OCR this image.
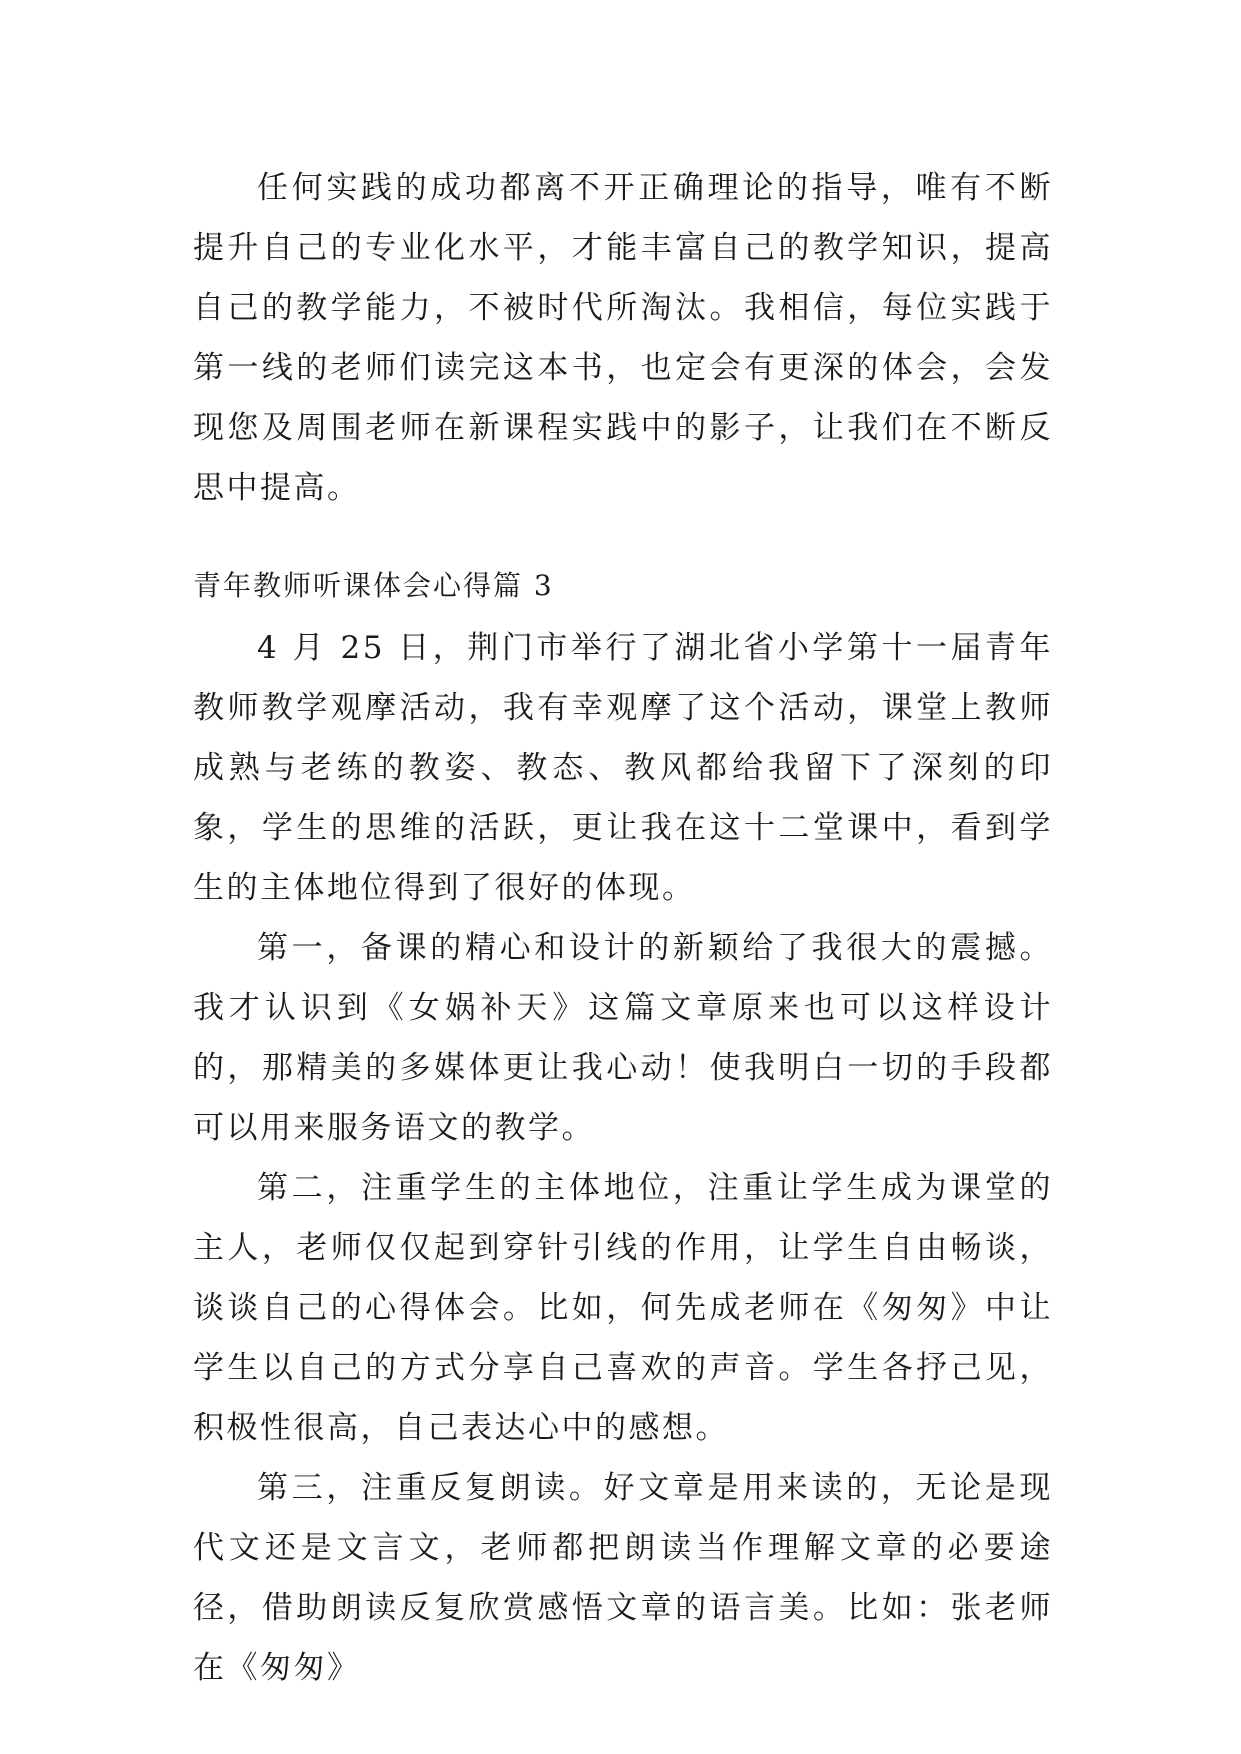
任何实践的成功都离不开正确理论的指导，唯有不断提升自己的专业化水平，才能丰富自己的教学知识，提高自己的教学能力，不被时代所淘汰。我相信，每位实践于第一线的老师们读完这本书，也定会有更深的体会，会发现您及周围老师在新课程实践中的影子，让我们在不断反思中提高。

青年教师听课体会心得篇 3

4 月 25 日，荆门市举行了湖北省小学第十一届青年教师教学观摩活动，我有幸观摩了这个活动，课堂上教师成熟与老练的教姿、教态、教风都给我留下了深刻的印象，学生的思维的活跃，更让我在这十二堂课中，看到学生的主体地位得到了很好的体现。

第一，备课的精心和设计的新颖给了我很大的震撼。我才认识到《女娲补天》这篇文章原来也可以这样设计的，那精美的多媒体更让我心动！使我明白一切的手段都可以用来服务语文的教学。

第二，注重学生的主体地位，注重让学生成为课堂的主人，老师仅仅起到穿针引线的作用，让学生自由畅谈，谈谈自己的心得体会。比如，何先成老师在《匆匆》中让学生以自己的方式分享自己喜欢的声音。学生各抒己见，积极性很高，自己表达心中的感想。

第三，注重反复朗读。好文章是用来读的，无论是现代文还是文言文，老师都把朗读当作理解文章的必要途径，借助朗读反复欣赏感悟文章的语言美。比如：张老师在《匆匆》
